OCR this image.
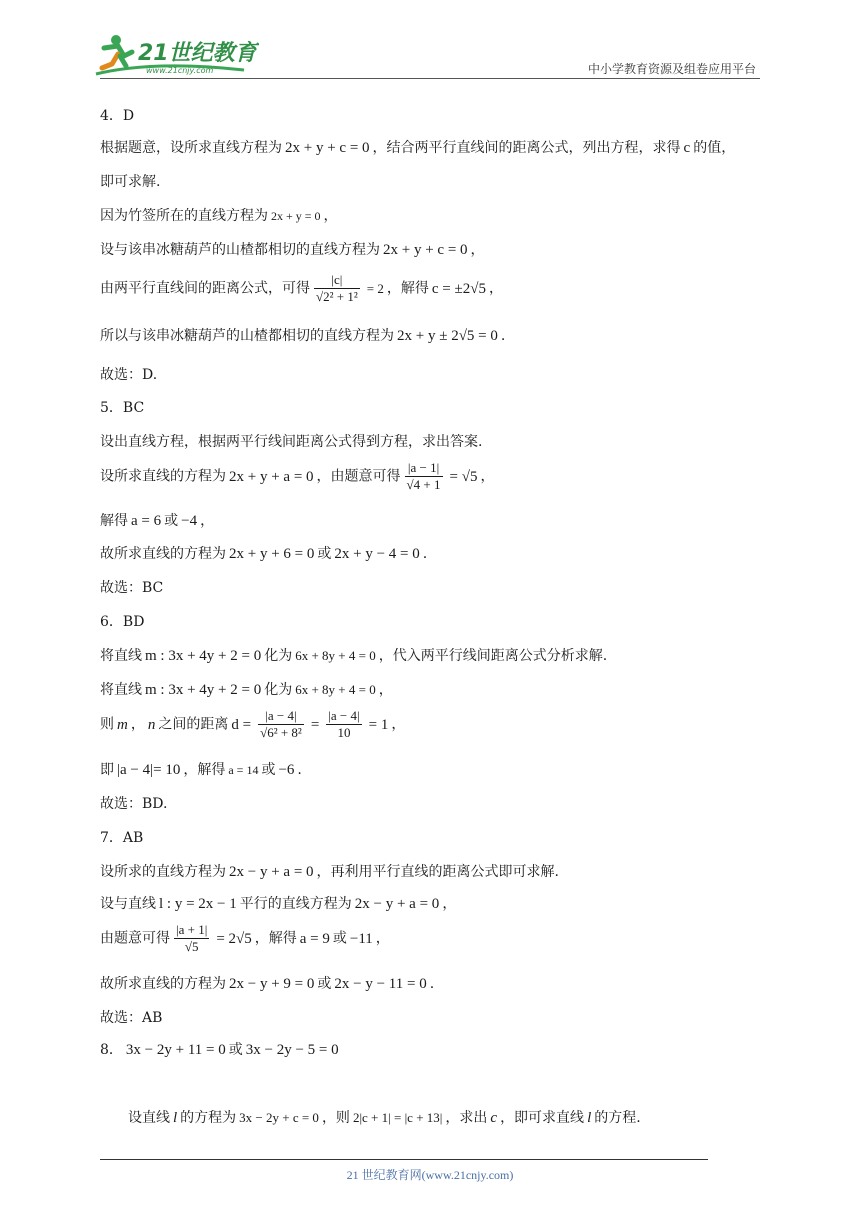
21世纪教育
www.21cnjy.com	中小学教育资源及组卷应用平台
4．D
根据题意，设所求直线方程为 2x + y + c = 0 ，结合两平行直线间的距离公式，列出方程，求得 c 的值，
即可求解.
因为竹签所在的直线方程为 2x + y = 0 ，
设与该串冰糖葫芦的山楂都相切的直线方程为 2x + y + c = 0 ，
由两平行直线间的距离公式，可得 $\frac{|c|}{\text{√2² + 1²}} = 2$ ，解得 c = ±2√5 ，
所以与该串冰糖葫芦的山楂都相切的直线方程为 2x + y ± 2√5 = 0 .
故选：D.
5．BC
设出直线方程，根据两平行线间距离公式得到方程，求出答案.
设所求直线的方程为 2x + y + a = 0 ，由题意可得 $\frac{|a - 1|}{√4 + 1} = √5$ ，
解得 a = 6 或 −4 ，
故所求直线的方程为 2x + y + 6 = 0 或 2x + y − 4 = 0 .
故选：BC
6．BD
将直线 m : 3x + 4y + 2 = 0 化为 6x + 8y + 4 = 0 ，代入两平行线间距离公式分析求解.
将直线 m : 3x + 4y + 2 = 0 化为 6x + 8y + 4 = 0 ，
则 m ， n 之间的距离 $d = \frac{|a - 4|}{\text{√6² + 8²}} = \frac{|a - 4|}{10} = 1$ ，
即 |a − 4|= 10 ，解得 a = 14 或 −6 .
故选：BD.
7．AB
设所求的直线方程为 2x − y + a = 0 ，再利用平行直线的距离公式即可求解.
设与直线 l : y = 2x − 1 平行的直线方程为 2x − y + a = 0 ，
由题意可得 $\frac{|a + 1|}{√5} = 2√5$ ，解得 a = 9 或 −11 ，
故所求直线的方程为 2x − y + 9 = 0 或 2x − y − 11 = 0 .
故选：AB
8． 3x − 2y + 11 = 0 或 3x − 2y − 5 = 0
设直线 l 的方程为 3x − 2y + c = 0 ，则 2|c + 1| = |c + 13| ，求出 c ，即可求直线 l 的方程.
21 世纪教育网(www.21cnjy.com)
